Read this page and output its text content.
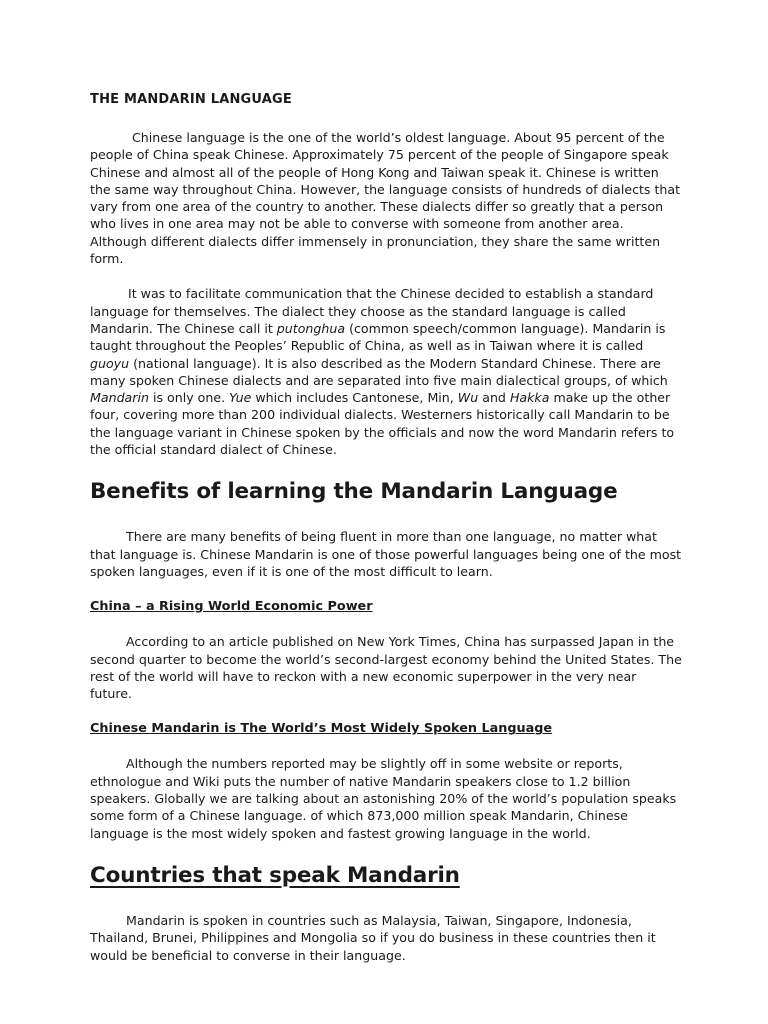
THE MANDARIN LANGUAGE

Chinese language is the one of the world’s oldest language. About 95 percent of the people of China speak Chinese. Approximately 75 percent of the people of Singapore speak Chinese and almost all of the people of Hong Kong and Taiwan speak it. Chinese is written the same way throughout China. However, the language consists of hundreds of dialects that vary from one area of the country to another. These dialects differ so greatly that a person who lives in one area may not be able to converse with someone from another area. Although different dialects differ immensely in pronunciation, they share the same written form.

It was to facilitate communication that the Chinese decided to establish a standard language for themselves. The dialect they choose as the standard language is called Mandarin. The Chinese call it putonghua (common speech/common language). Mandarin is taught throughout the Peoples’ Republic of China, as well as in Taiwan where it is called guoyu (national language). It is also described as the Modern Standard Chinese. There are many spoken Chinese dialects and are separated into five main dialectical groups, of which Mandarin is only one. Yue which includes Cantonese, Min, Wu and Hakka make up the other four, covering more than 200 individual dialects. Westerners historically call Mandarin to be the language variant in Chinese spoken by the officials and now the word Mandarin refers to the official standard dialect of Chinese.

Benefits of learning the Mandarin Language

There are many benefits of being fluent in more than one language, no matter what that language is. Chinese Mandarin is one of those powerful languages being one of the most spoken languages, even if it is one of the most difficult to learn.

China – a Rising World Economic Power

According to an article published on New York Times, China has surpassed Japan in the second quarter to become the world’s second-largest economy behind the United States. The rest of the world will have to reckon with a new economic superpower in the very near future.

Chinese Mandarin is The World’s Most Widely Spoken Language

Although the numbers reported may be slightly off in some website or reports, ethnologue and Wiki puts the number of native Mandarin speakers close to 1.2 billion speakers. Globally we are talking about an astonishing 20% of the world’s population speaks some form of a Chinese language. of which 873,000 million speak Mandarin, Chinese language is the most widely spoken and fastest growing language in the world.

Countries that speak Mandarin

Mandarin is spoken in countries such as Malaysia, Taiwan, Singapore, Indonesia, Thailand, Brunei, Philippines and Mongolia so if you do business in these countries then it would be beneficial to converse in their language.
